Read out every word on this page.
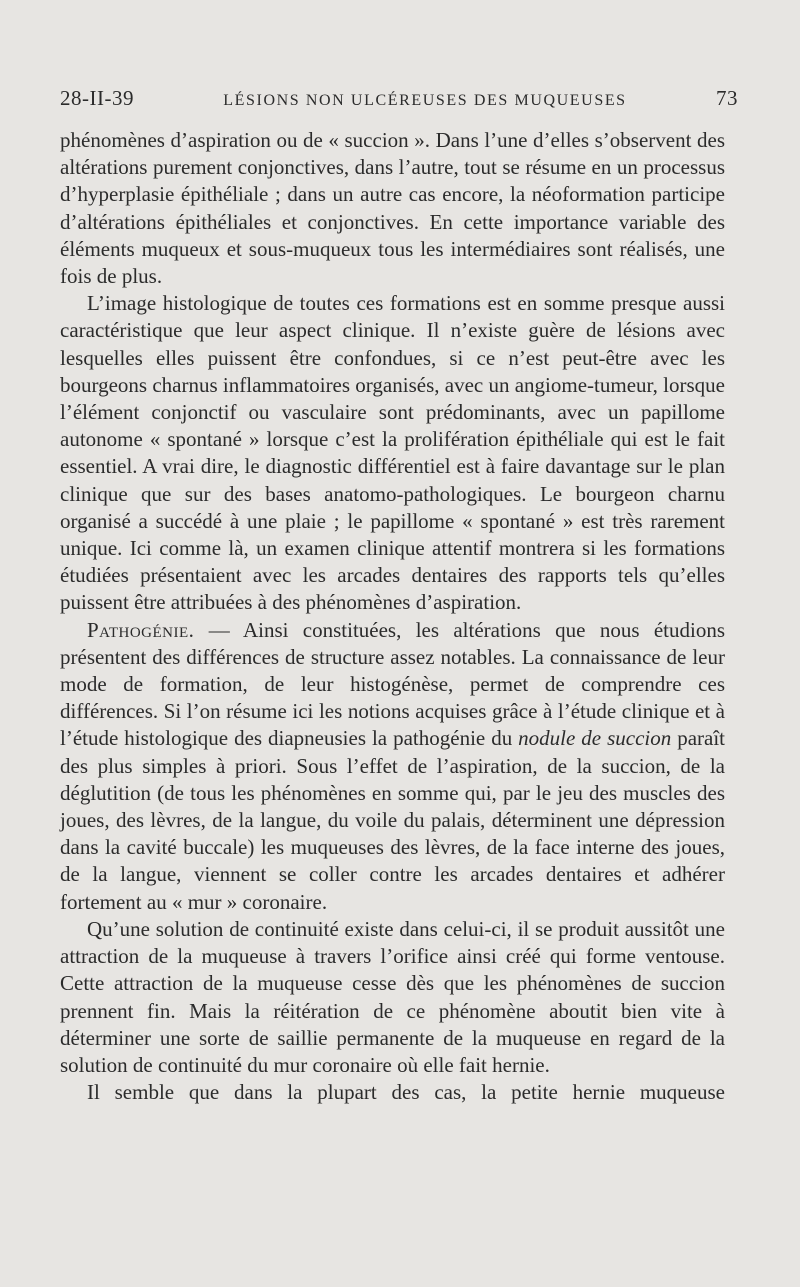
28-II-39	LÉSIONS NON ULCÉREUSES DES MUQUEUSES	73

phénomènes d’aspiration ou de « succion ». Dans l’une d’elles s’observent des altérations purement conjonctives, dans l’autre, tout se résume en un processus d’hyperplasie épithéliale ; dans un autre cas encore, la néoformation participe d’altérations épithéliales et conjonctives. En cette importance variable des éléments muqueux et sous-muqueux tous les intermédiaires sont réalisés, une fois de plus.

L’image histologique de toutes ces formations est en somme presque aussi caractéristique que leur aspect clinique. Il n’existe guère de lésions avec lesquelles elles puissent être confondues, si ce n’est peut-être avec les bourgeons charnus inflammatoires organisés, avec un angiome-tumeur, lorsque l’élément conjonctif ou vasculaire sont prédominants, avec un papillome autonome « spontané » lorsque c’est la prolifération épithéliale qui est le fait essentiel. A vrai dire, le diagnostic différentiel est à faire davantage sur le plan clinique que sur des bases anatomo-pathologiques. Le bourgeon charnu organisé a succédé à une plaie ; le papillome « spontané » est très rarement unique. Ici comme là, un examen clinique attentif montrera si les formations étudiées présentaient avec les arcades dentaires des rapports tels qu’elles puissent être attribuées à des phénomènes d’aspiration.

Pathogénie. — Ainsi constituées, les altérations que nous étudions présentent des différences de structure assez notables. La connaissance de leur mode de formation, de leur histogénèse, permet de comprendre ces différences. Si l’on résume ici les notions acquises grâce à l’étude clinique et à l’étude histologique des diapneusies la pathogénie du nodule de succion paraît des plus simples à priori. Sous l’effet de l’aspiration, de la succion, de la déglutition (de tous les phénomènes en somme qui, par le jeu des muscles des joues, des lèvres, de la langue, du voile du palais, déterminent une dépression dans la cavité buccale) les muqueuses des lèvres, de la face interne des joues, de la langue, viennent se coller contre les arcades dentaires et adhérer fortement au « mur » coronaire.

Qu’une solution de continuité existe dans celui-ci, il se produit aussitôt une attraction de la muqueuse à travers l’orifice ainsi créé qui forme ventouse. Cette attraction de la muqueuse cesse dès que les phénomènes de succion prennent fin. Mais la réitération de ce phénomène aboutit bien vite à déterminer une sorte de saillie permanente de la muqueuse en regard de la solution de continuité du mur coronaire où elle fait hernie.

Il semble que dans la plupart des cas, la petite hernie muqueuse
